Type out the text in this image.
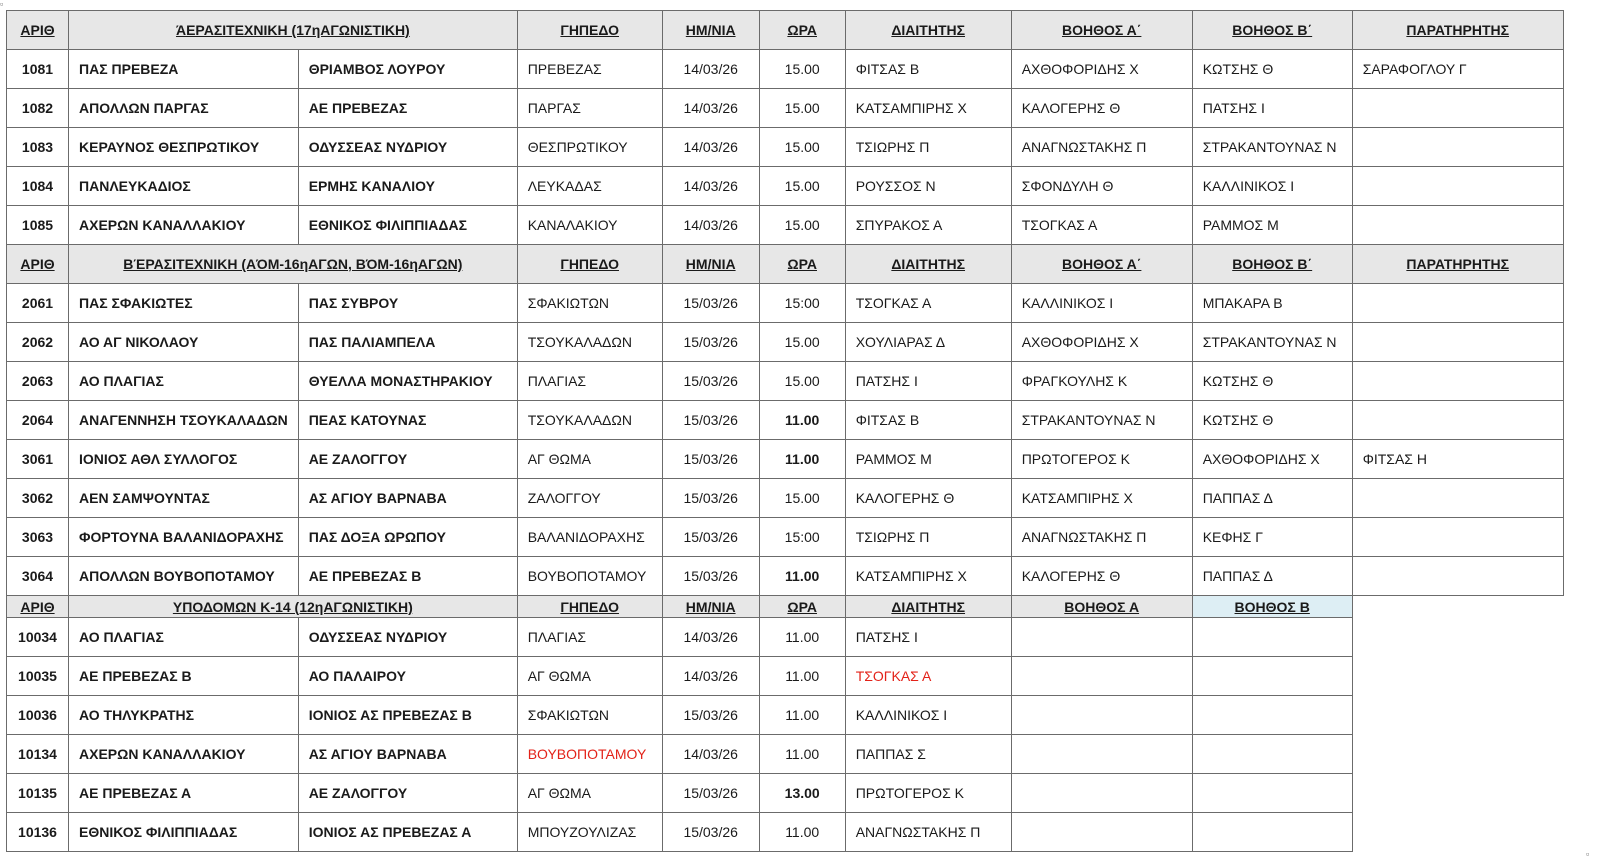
▫
▫
ΑΡΙΘ	ΆΕΡΑΣΙΤΕΧΝΙΚΗ (17ηΑΓΩΝΙΣΤΙΚΗ)		ΓΗΠΕΔΟ	ΗΜ/ΝΙΑ	ΩΡΑ	ΔΙΑΙΤΗΤΗΣ	ΒΟΗΘΟΣ Α΄	ΒΟΗΘΟΣ Β΄	ΠΑΡΑΤΗΡΗΤΗΣ
1081	ΠΑΣ ΠΡΕΒΕΖΑ	ΘΡΙΑΜΒΟΣ ΛΟΥΡΟΥ	ΠΡΕΒΕΖΑΣ	14/03/26	15.00	ΦΙΤΣΑΣ Β	ΑΧΘΟΦΟΡΙΔΗΣ Χ	ΚΩΤΣΗΣ Θ	ΣΑΡΑΦΟΓΛΟΥ Γ
1082	ΑΠΟΛΛΩΝ ΠΑΡΓΑΣ	ΑΕ ΠΡΕΒΕΖΑΣ	ΠΑΡΓΑΣ	14/03/26	15.00	ΚΑΤΣΑΜΠΙΡΗΣ Χ	ΚΑΛΟΓΕΡΗΣ Θ	ΠΑΤΣΗΣ Ι	
1083	ΚΕΡΑΥΝΟΣ ΘΕΣΠΡΩΤΙΚΟΥ	ΟΔΥΣΣΕΑΣ ΝΥΔΡΙΟΥ	ΘΕΣΠΡΩΤΙΚΟΥ	14/03/26	15.00	ΤΣΙΩΡΗΣ Π	ΑΝΑΓΝΩΣΤΑΚΗΣ Π	ΣΤΡΑΚΑΝΤΟΥΝΑΣ Ν	
1084	ΠΑΝΛΕΥΚΑΔΙΟΣ	ΕΡΜΗΣ ΚΑΝΑΛΙΟΥ	ΛΕΥΚΑΔΑΣ	14/03/26	15.00	ΡΟΥΣΣΟΣ Ν	ΣΦΟΝΔΥΛΗ Θ	ΚΑΛΛΙΝΙΚΟΣ Ι	
1085	ΑΧΕΡΩΝ ΚΑΝΑΛΛΑΚΙΟΥ	ΕΘΝΙΚΟΣ ΦΙΛΙΠΠΙΑΔΑΣ	ΚΑΝΑΛΑΚΙΟΥ	14/03/26	15.00	ΣΠΥΡΑΚΟΣ Α	ΤΣΟΓΚΑΣ Α	ΡΑΜΜΟΣ Μ	
ΑΡΙΘ	ΒΈΡΑΣΙΤΕΧΝΙΚΗ (ΑΌΜ-16ηΑΓΩΝ, ΒΌΜ-16ηΑΓΩΝ)		ΓΗΠΕΔΟ	ΗΜ/ΝΙΑ	ΩΡΑ	ΔΙΑΙΤΗΤΗΣ	ΒΟΗΘΟΣ Α΄	ΒΟΗΘΟΣ Β΄	ΠΑΡΑΤΗΡΗΤΗΣ
2061	ΠΑΣ ΣΦΑΚΙΩΤΕΣ	ΠΑΣ ΣΥΒΡΟΥ	ΣΦΑΚΙΩΤΩΝ	15/03/26	15:00	ΤΣΟΓΚΑΣ Α	ΚΑΛΛΙΝΙΚΟΣ Ι	ΜΠΑΚΑΡΑ Β	
2062	ΑΟ ΑΓ ΝΙΚΟΛΑΟΥ	ΠΑΣ ΠΑΛΙΑΜΠΕΛΑ	ΤΣΟΥΚΑΛΑΔΩΝ	15/03/26	15.00	ΧΟΥΛΙΑΡΑΣ Δ	ΑΧΘΟΦΟΡΙΔΗΣ Χ	ΣΤΡΑΚΑΝΤΟΥΝΑΣ Ν	
2063	ΑΟ ΠΛΑΓΙΑΣ	ΘΥΕΛΛΑ ΜΟΝΑΣΤΗΡΑΚΙΟΥ	ΠΛΑΓΙΑΣ	15/03/26	15.00	ΠΑΤΣΗΣ Ι	ΦΡΑΓΚΟΥΛΗΣ Κ	ΚΩΤΣΗΣ Θ	
2064	ΑΝΑΓΕΝΝΗΣΗ ΤΣΟΥΚΑΛΑΔΩΝ	ΠΕΑΣ ΚΑΤΟΥΝΑΣ	ΤΣΟΥΚΑΛΑΔΩΝ	15/03/26	11.00	ΦΙΤΣΑΣ Β	ΣΤΡΑΚΑΝΤΟΥΝΑΣ Ν	ΚΩΤΣΗΣ Θ	
3061	ΙΟΝΙΟΣ ΑΘΛ ΣΥΛΛΟΓΟΣ	ΑΕ ΖΑΛΟΓΓΟΥ	ΑΓ ΘΩΜΑ	15/03/26	11.00	ΡΑΜΜΟΣ Μ	ΠΡΩΤΟΓΕΡΟΣ Κ	ΑΧΘΟΦΟΡΙΔΗΣ Χ	ΦΙΤΣΑΣ Η
3062	ΑΕΝ ΣΑΜΨΟΥΝΤΑΣ	ΑΣ ΑΓΙΟΥ ΒΑΡΝΑΒΑ	ΖΑΛΟΓΓΟΥ	15/03/26	15.00	ΚΑΛΟΓΕΡΗΣ Θ	ΚΑΤΣΑΜΠΙΡΗΣ Χ	ΠΑΠΠΑΣ Δ	
3063	ΦΟΡΤΟΥΝΑ ΒΑΛΑΝΙΔΟΡΑΧΗΣ	ΠΑΣ ΔΟΞΑ ΩΡΩΠΟΥ	ΒΑΛΑΝΙΔΟΡΑΧΗΣ	15/03/26	15:00	ΤΣΙΩΡΗΣ Π	ΑΝΑΓΝΩΣΤΑΚΗΣ Π	ΚΕΦΗΣ Γ	
3064	ΑΠΟΛΛΩΝ ΒΟΥΒΟΠΟΤΑΜΟΥ	ΑΕ ΠΡΕΒΕΖΑΣ Β	ΒΟΥΒΟΠΟΤΑΜΟΥ	15/03/26	11.00	ΚΑΤΣΑΜΠΙΡΗΣ Χ	ΚΑΛΟΓΕΡΗΣ Θ	ΠΑΠΠΑΣ Δ	
ΑΡΙΘ	ΥΠΟΔΟΜΩΝ Κ-14 (12ηΑΓΩΝΙΣΤΙΚΗ)		ΓΗΠΕΔΟ	ΗΜ/ΝΙΑ	ΩΡΑ	ΔΙΑΙΤΗΤΗΣ	ΒΟΗΘΟΣ Α	ΒΟΗΘΟΣ Β	
10034	ΑΟ ΠΛΑΓΙΑΣ	ΟΔΥΣΣΕΑΣ ΝΥΔΡΙΟΥ	ΠΛΑΓΙΑΣ	14/03/26	11.00	ΠΑΤΣΗΣ Ι			
10035	ΑΕ ΠΡΕΒΕΖΑΣ Β	ΑΟ ΠΑΛΑΙΡΟΥ	ΑΓ ΘΩΜΑ	14/03/26	11.00	ΤΣΟΓΚΑΣ Α			
10036	ΑΟ ΤΗΛΥΚΡΑΤΗΣ	ΙΟΝΙΟΣ ΑΣ ΠΡΕΒΕΖΑΣ Β	ΣΦΑΚΙΩΤΩΝ	15/03/26	11.00	ΚΑΛΛΙΝΙΚΟΣ Ι			
10134	ΑΧΕΡΩΝ ΚΑΝΑΛΛΑΚΙΟΥ	ΑΣ ΑΓΙΟΥ ΒΑΡΝΑΒΑ	ΒΟΥΒΟΠΟΤΑΜΟΥ	14/03/26	11.00	ΠΑΠΠΑΣ Σ			
10135	ΑΕ ΠΡΕΒΕΖΑΣ Α	ΑΕ ΖΑΛΟΓΓΟΥ	ΑΓ ΘΩΜΑ	15/03/26	13.00	ΠΡΩΤΟΓΕΡΟΣ Κ			
10136	ΕΘΝΙΚΟΣ ΦΙΛΙΠΠΙΑΔΑΣ	ΙΟΝΙΟΣ ΑΣ ΠΡΕΒΕΖΑΣ Α	ΜΠΟΥΖΟΥΛΙΖΑΣ	15/03/26	11.00	ΑΝΑΓΝΩΣΤΑΚΗΣ Π			
